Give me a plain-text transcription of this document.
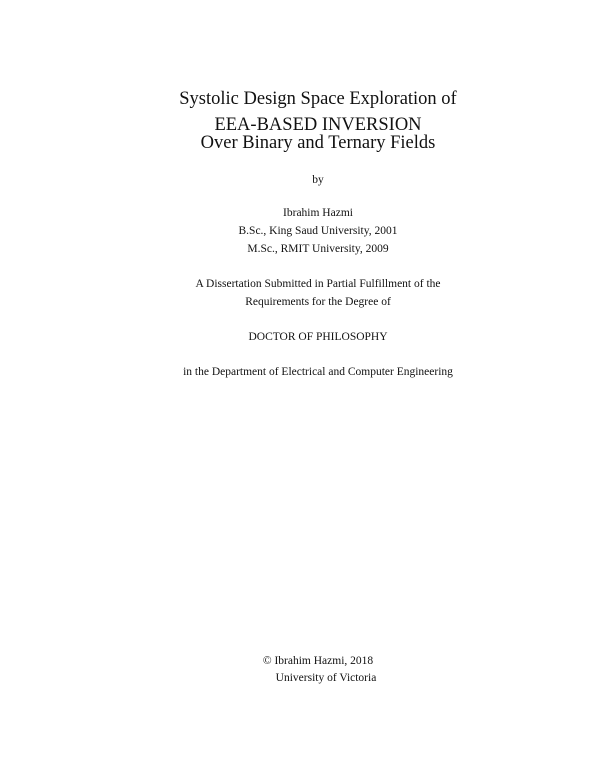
Systolic Design Space Exploration of
EEA-BASED INVERSION
Over Binary and Ternary Fields
by
Ibrahim Hazmi
B.Sc., King Saud University, 2001
M.Sc., RMIT University, 2009
A Dissertation Submitted in Partial Fulfillment of the
Requirements for the Degree of
DOCTOR OF PHILOSOPHY
in the Department of Electrical and Computer Engineering
© Ibrahim Hazmi, 2018
University of Victoria
